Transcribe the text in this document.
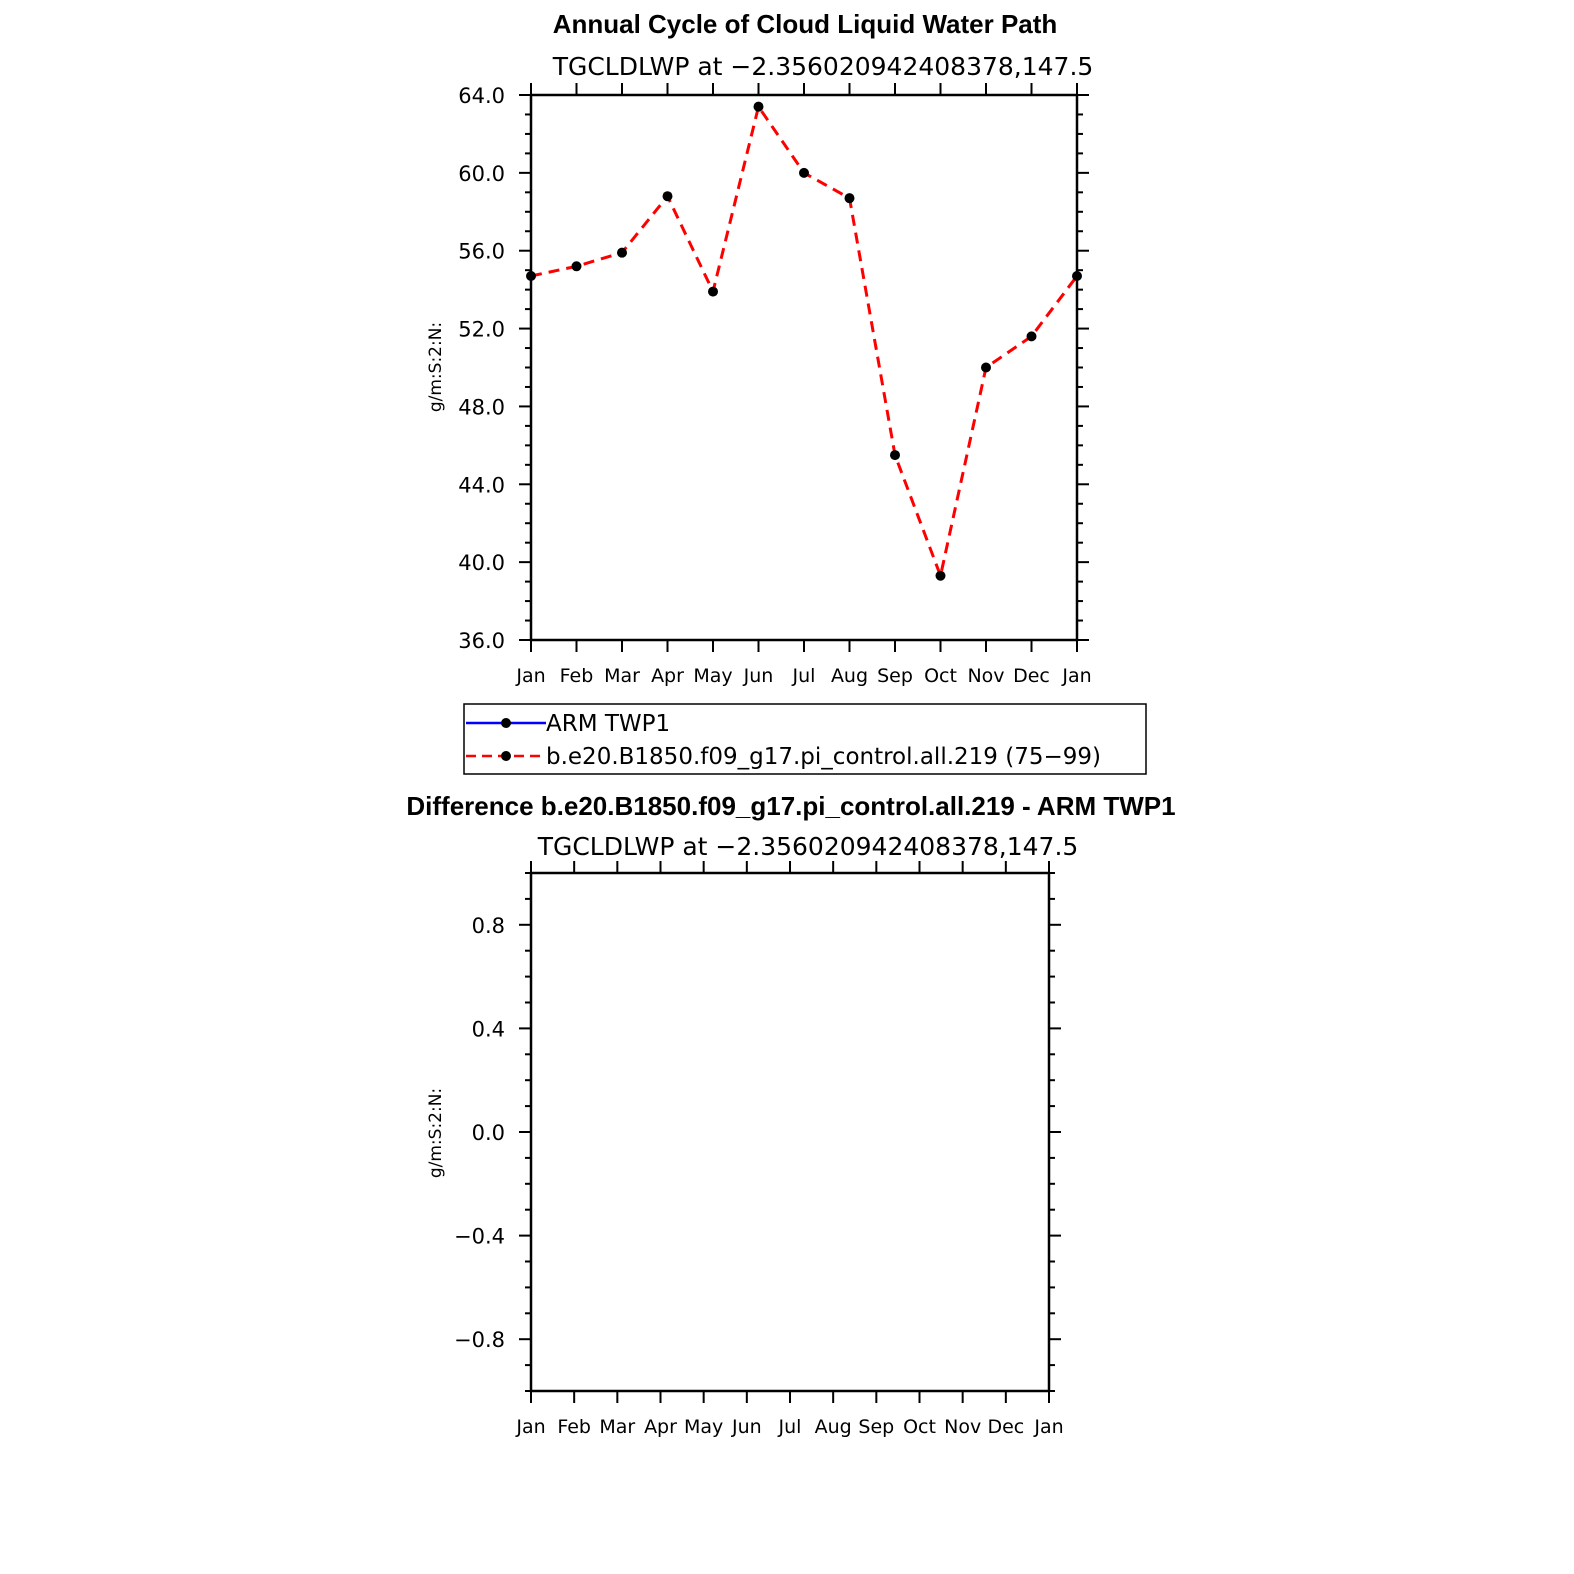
Annual Cycle of Cloud Liquid Water Path
TGCLDLWP at −2.356020942408378,147.5
g/m:S:2:N:
Jan Feb Mar Apr May Jun Jul Aug Sep Oct Nov Dec Jan
36.0
40.0
44.0
48.0
52.0
56.0
60.0
64.0
ARM TWP1
b.e20.B1850.f09_g17.pi_control.all.219 (75−99)
Difference b.e20.B1850.f09_g17.pi_control.all.219 - ARM TWP1
TGCLDLWP at −2.356020942408378,147.5
g/m:S:2:N:
Jan Feb Mar Apr May Jun Jul Aug Sep Oct Nov Dec Jan
−0.8
−0.4
0.0
0.4
0.8
